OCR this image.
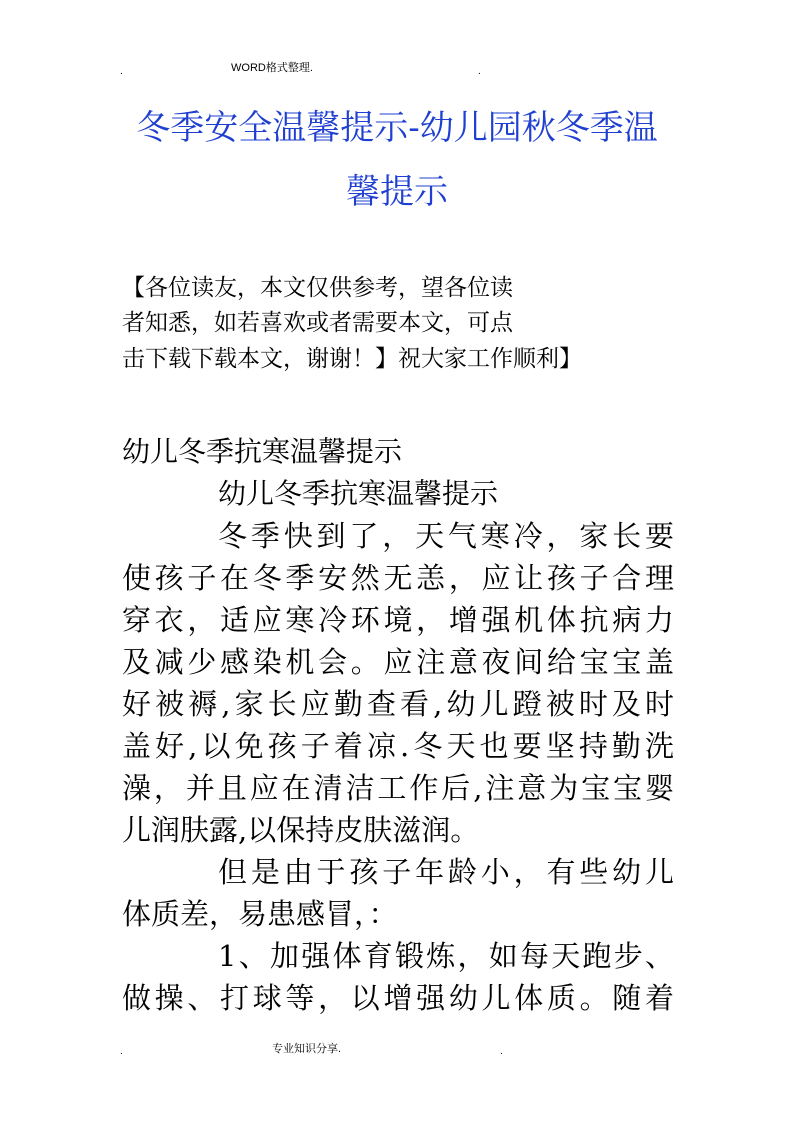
.	WORD格式整理.	.
冬季安全温馨提示-幼儿园秋冬季温
馨提示
【各位读友，本文仅供参考，望各位读
者知悉，如若喜欢或者需要本文，可点
击下载下载本文，谢谢！】祝大家工作顺利】
幼儿冬季抗寒温馨提示
幼儿冬季抗寒温馨提示
冬季快到了，天气寒冷，家长要
使孩子在冬季安然无恙，应让孩子合理
穿衣，适应寒冷环境，增强机体抗病力
及减少感染机会。应注意夜间给宝宝盖
好被褥,家长应勤查看,幼儿蹬被时及时
盖好,以免孩子着凉.冬天也要坚持勤洗
澡，并且应在清洁工作后,注意为宝宝婴
儿润肤露,以保持皮肤滋润。
但是由于孩子年龄小，有些幼儿
体质差，易患感冒，：
1、加强体育锻炼，如每天跑步、
做操、打球等，以增强幼儿体质。随着
.	专业知识分享.	.
